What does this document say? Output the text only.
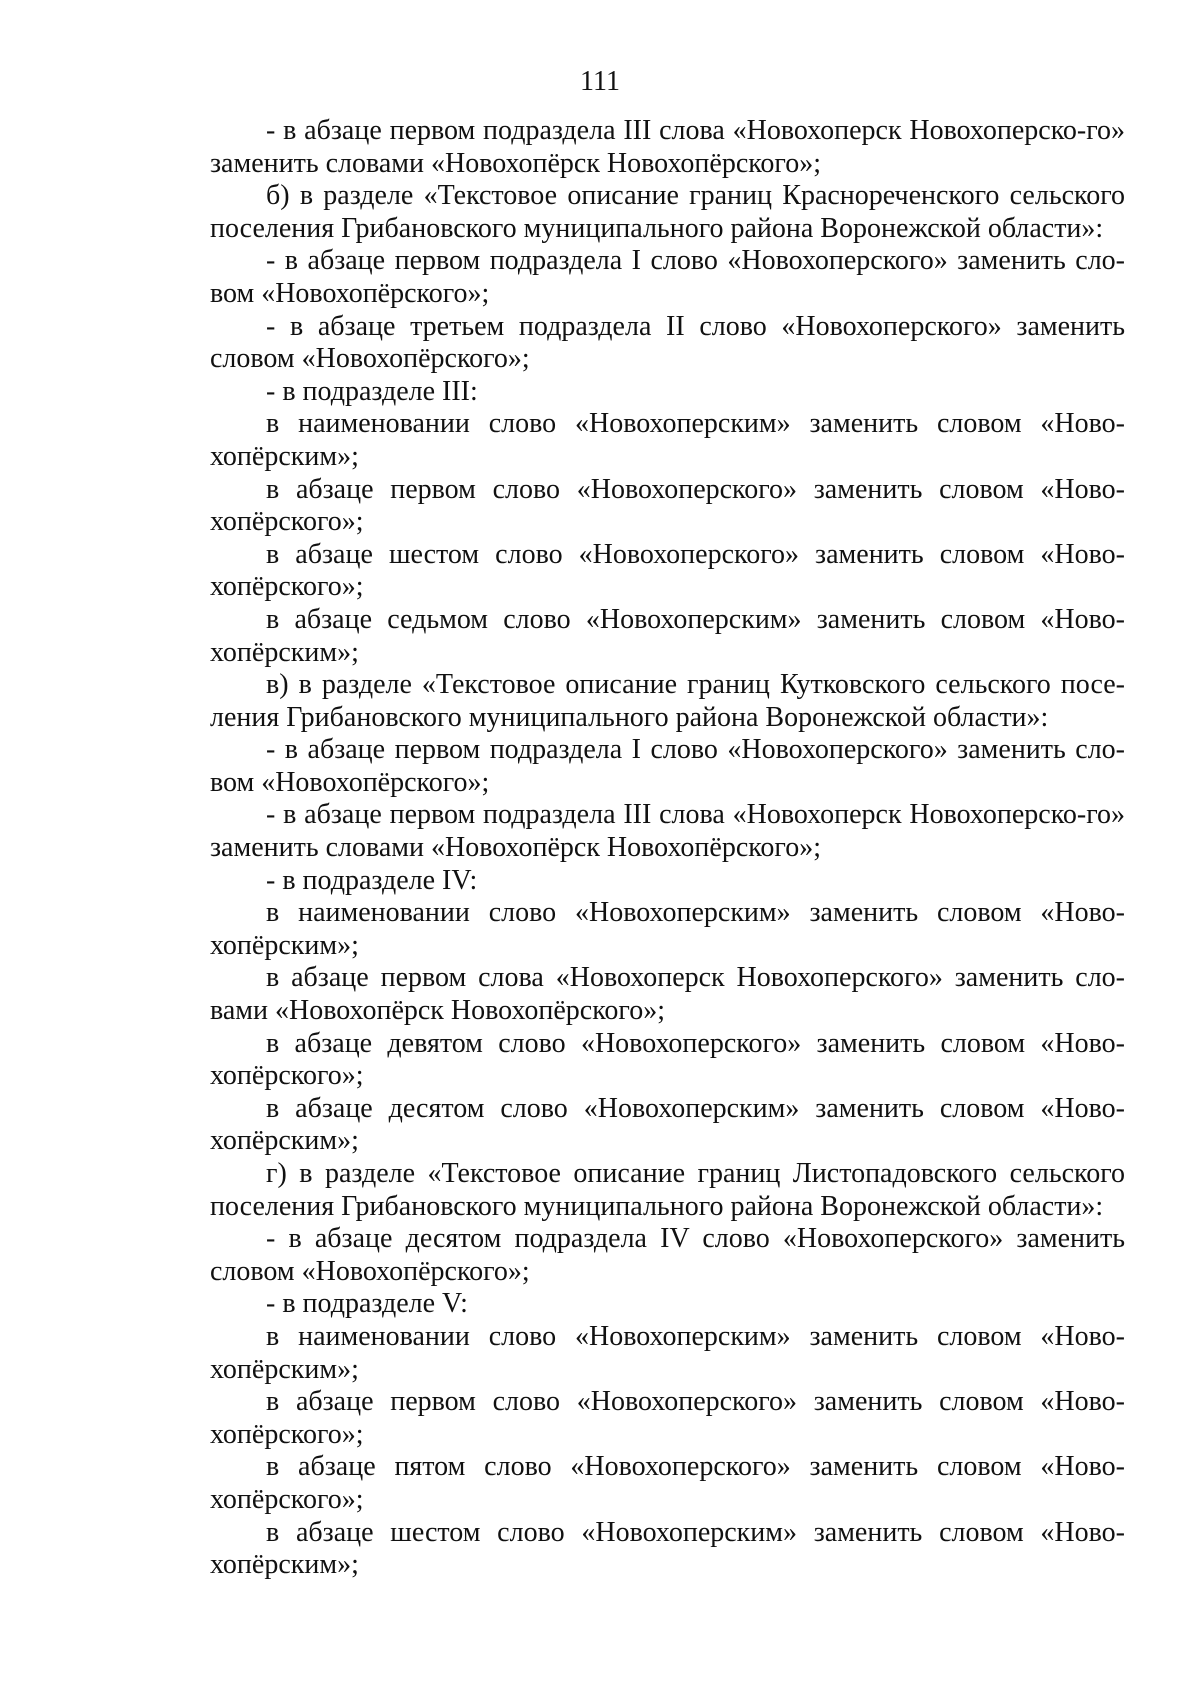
111

- в абзаце первом подраздела III слова «Новохоперск Новохоперско-го» заменить словами «Новохопёрск Новохопёрского»;

б) в разделе «Текстовое описание границ Краснореченского сельского поселения Грибановского муниципального района Воронежской области»:

- в абзаце первом подраздела I слово «Новохоперского» заменить сло-вом «Новохопёрского»;

- в абзаце третьем подраздела II слово «Новохоперского» заменить словом «Новохопёрского»;

- в подразделе III:

в наименовании слово «Новохоперским» заменить словом «Ново-хопёрским»;

в абзаце первом слово «Новохоперского» заменить словом «Ново-хопёрского»;

в абзаце шестом слово «Новохоперского» заменить словом «Ново-хопёрского»;

в абзаце седьмом слово «Новохоперским» заменить словом «Ново-хопёрским»;

в) в разделе «Текстовое описание границ Кутковского сельского посе-ления Грибановского муниципального района Воронежской области»:

- в абзаце первом подраздела I слово «Новохоперского» заменить сло-вом «Новохопёрского»;

- в абзаце первом подраздела III слова «Новохоперск Новохоперско-го» заменить словами «Новохопёрск Новохопёрского»;

- в подразделе IV:

в наименовании слово «Новохоперским» заменить словом «Ново-хопёрским»;

в абзаце первом слова «Новохоперск Новохоперского» заменить сло-вами «Новохопёрск Новохопёрского»;

в абзаце девятом слово «Новохоперского» заменить словом «Ново-хопёрского»;

в абзаце десятом слово «Новохоперским» заменить словом «Ново-хопёрским»;

г) в разделе «Текстовое описание границ Листопадовского сельского поселения Грибановского муниципального района Воронежской области»:

- в абзаце десятом подраздела IV слово «Новохоперского» заменить словом «Новохопёрского»;

- в подразделе V:

в наименовании слово «Новохоперским» заменить словом «Ново-хопёрским»;

в абзаце первом слово «Новохоперского» заменить словом «Ново-хопёрского»;

в абзаце пятом слово «Новохоперского» заменить словом «Ново-хопёрского»;

в абзаце шестом слово «Новохоперским» заменить словом «Ново-хопёрским»;
